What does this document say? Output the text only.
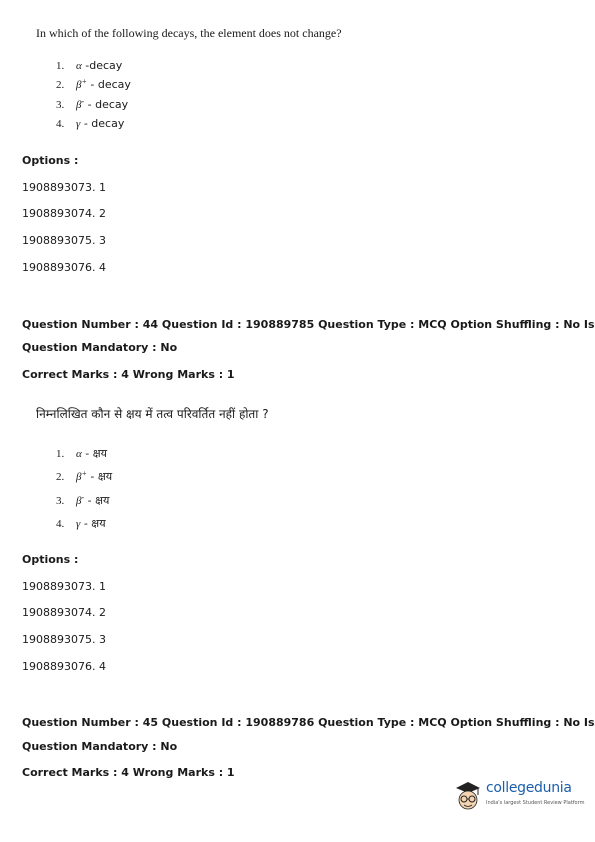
In which of the following decays, the element does not change?
1. α -decay
2. β+ - decay
3. β- - decay
4. γ - decay
Options :
1908893073. 1
1908893074. 2
1908893075. 3
1908893076. 4
Question Number : 44 Question Id : 190889785 Question Type : MCQ Option Shuffling : No Is
Question Mandatory : No
Correct Marks : 4 Wrong Marks : 1
निम्नलिखित कौन से क्षय में तत्व परिवर्तित नहीं होता ?
1. α - क्षय
2. β+ - क्षय
3. β- - क्षय
4. γ - क्षय
Options :
1908893073. 1
1908893074. 2
1908893075. 3
1908893076. 4
Question Number : 45 Question Id : 190889786 Question Type : MCQ Option Shuffling : No Is
Question Mandatory : No
Correct Marks : 4 Wrong Marks : 1
collegedunia
India's largest Student Review Platform
